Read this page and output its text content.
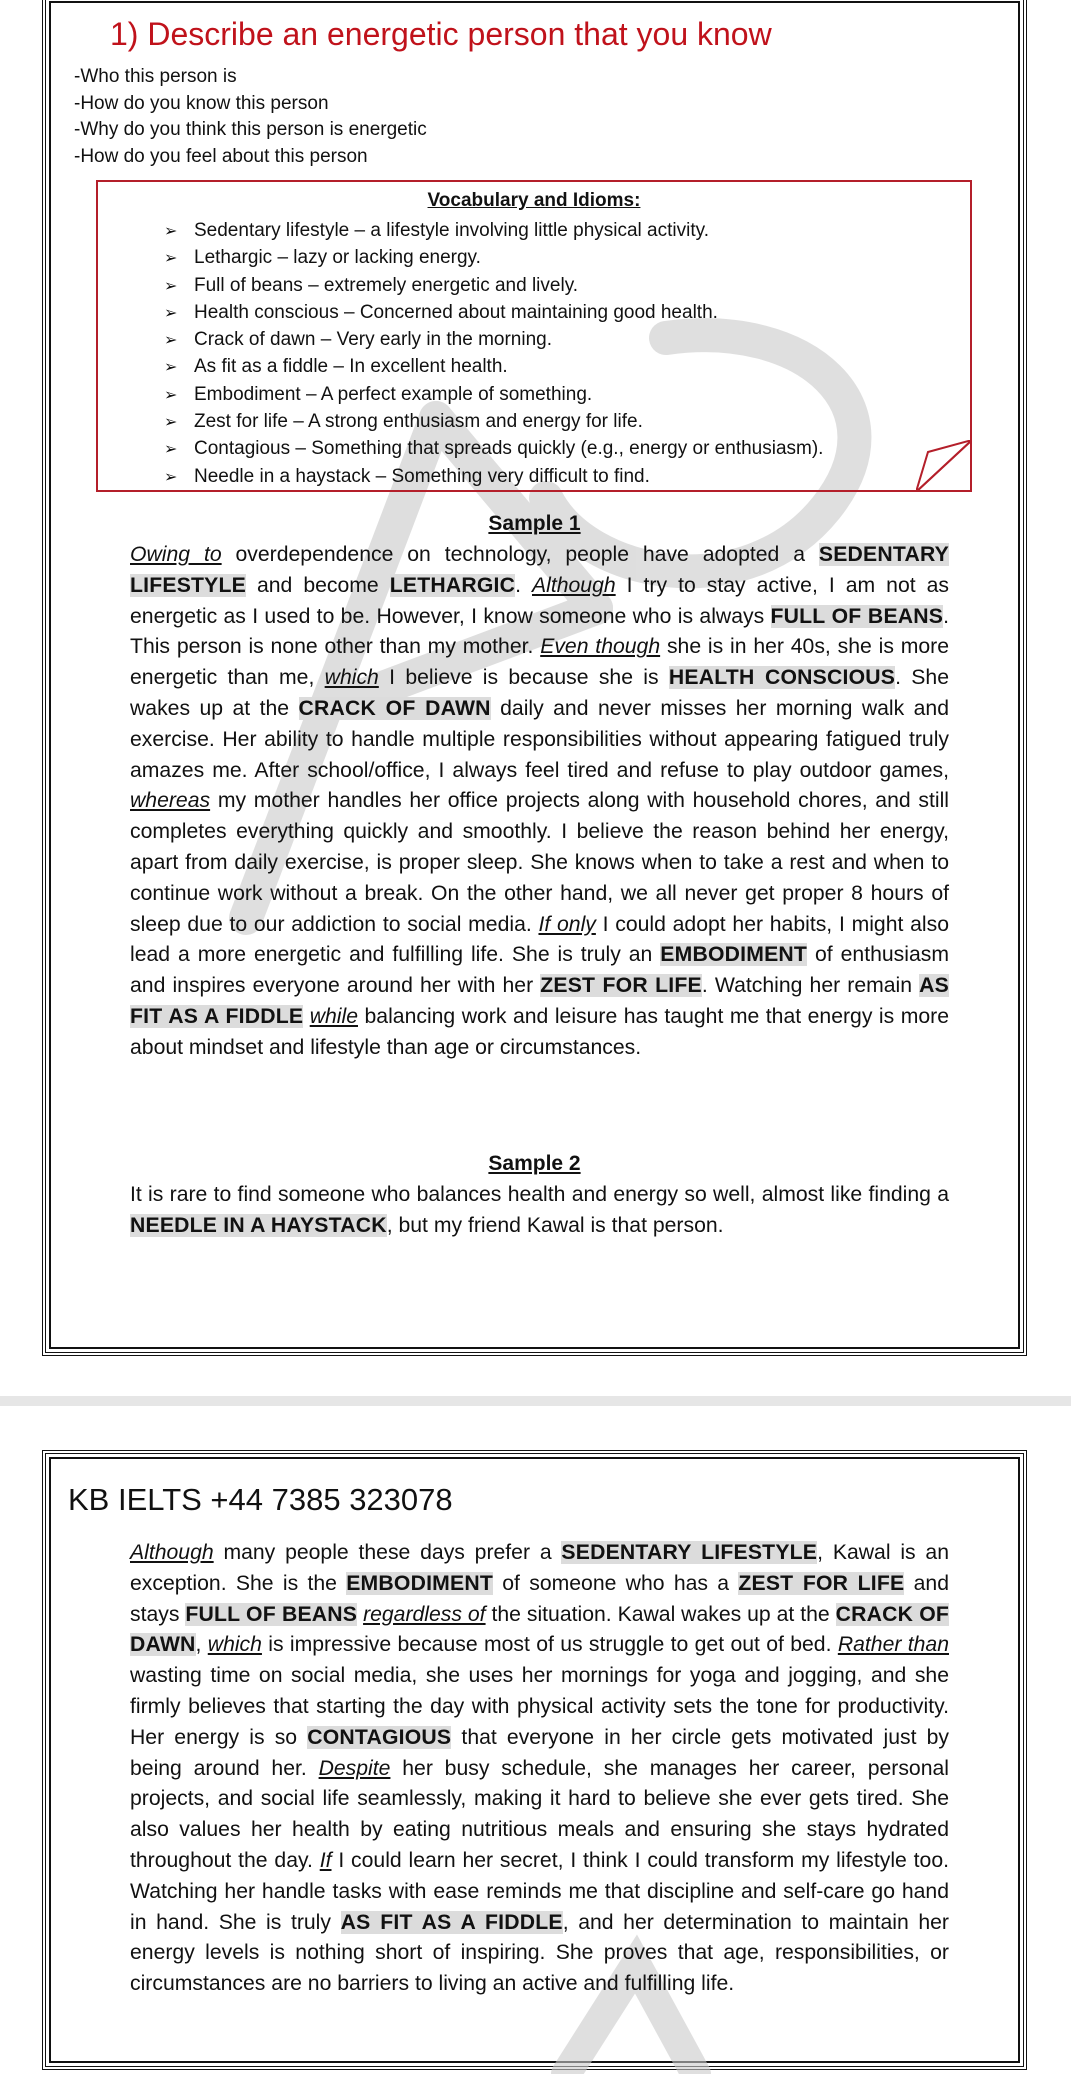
1) Describe an energetic person that you know
-Who this person is
-How do you know this person
-Why do you think this person is energetic
-How do you feel about this person
Vocabulary and Idioms:
➢ Sedentary lifestyle – a lifestyle involving little physical activity.
➢ Lethargic – lazy or lacking energy.
➢ Full of beans – extremely energetic and lively.
➢ Health conscious – Concerned about maintaining good health.
➢ Crack of dawn – Very early in the morning.
➢ As fit as a fiddle – In excellent health.
➢ Embodiment – A perfect example of something.
➢ Zest for life – A strong enthusiasm and energy for life.
➢ Contagious – Something that spreads quickly (e.g., energy or enthusiasm).
➢ Needle in a haystack – Something very difficult to find.
Sample 1
Owing to overdependence on technology, people have adopted a SEDENTARY LIFESTYLE and become LETHARGIC. Although I try to stay active, I am not as energetic as I used to be. However, I know someone who is always FULL OF BEANS. This person is none other than my mother. Even though she is in her 40s, she is more energetic than me, which I believe is because she is HEALTH CONSCIOUS. She wakes up at the CRACK OF DAWN daily and never misses her morning walk and exercise. Her ability to handle multiple responsibilities without appearing fatigued truly amazes me. After school/office, I always feel tired and refuse to play outdoor games, whereas my mother handles her office projects along with household chores, and still completes everything quickly and smoothly. I believe the reason behind her energy, apart from daily exercise, is proper sleep. She knows when to take a rest and when to continue work without a break. On the other hand, we all never get proper 8 hours of sleep due to our addiction to social media. If only I could adopt her habits, I might also lead a more energetic and fulfilling life. She is truly an EMBODIMENT of enthusiasm and inspires everyone around her with her ZEST FOR LIFE. Watching her remain AS FIT AS A FIDDLE while balancing work and leisure has taught me that energy is more about mindset and lifestyle than age or circumstances.
Sample 2
It is rare to find someone who balances health and energy so well, almost like finding a NEEDLE IN A HAYSTACK, but my friend Kawal is that person.
KB IELTS +44 7385 323078
Although many people these days prefer a SEDENTARY LIFESTYLE, Kawal is an exception. She is the EMBODIMENT of someone who has a ZEST FOR LIFE and stays FULL OF BEANS regardless of the situation. Kawal wakes up at the CRACK OF DAWN, which is impressive because most of us struggle to get out of bed. Rather than wasting time on social media, she uses her mornings for yoga and jogging, and she firmly believes that starting the day with physical activity sets the tone for productivity. Her energy is so CONTAGIOUS that everyone in her circle gets motivated just by being around her. Despite her busy schedule, she manages her career, personal projects, and social life seamlessly, making it hard to believe she ever gets tired. She also values her health by eating nutritious meals and ensuring she stays hydrated throughout the day. If I could learn her secret, I think I could transform my lifestyle too. Watching her handle tasks with ease reminds me that discipline and self-care go hand in hand. She is truly AS FIT AS A FIDDLE, and her determination to maintain her energy levels is nothing short of inspiring. She proves that age, responsibilities, or circumstances are no barriers to living an active and fulfilling life.
